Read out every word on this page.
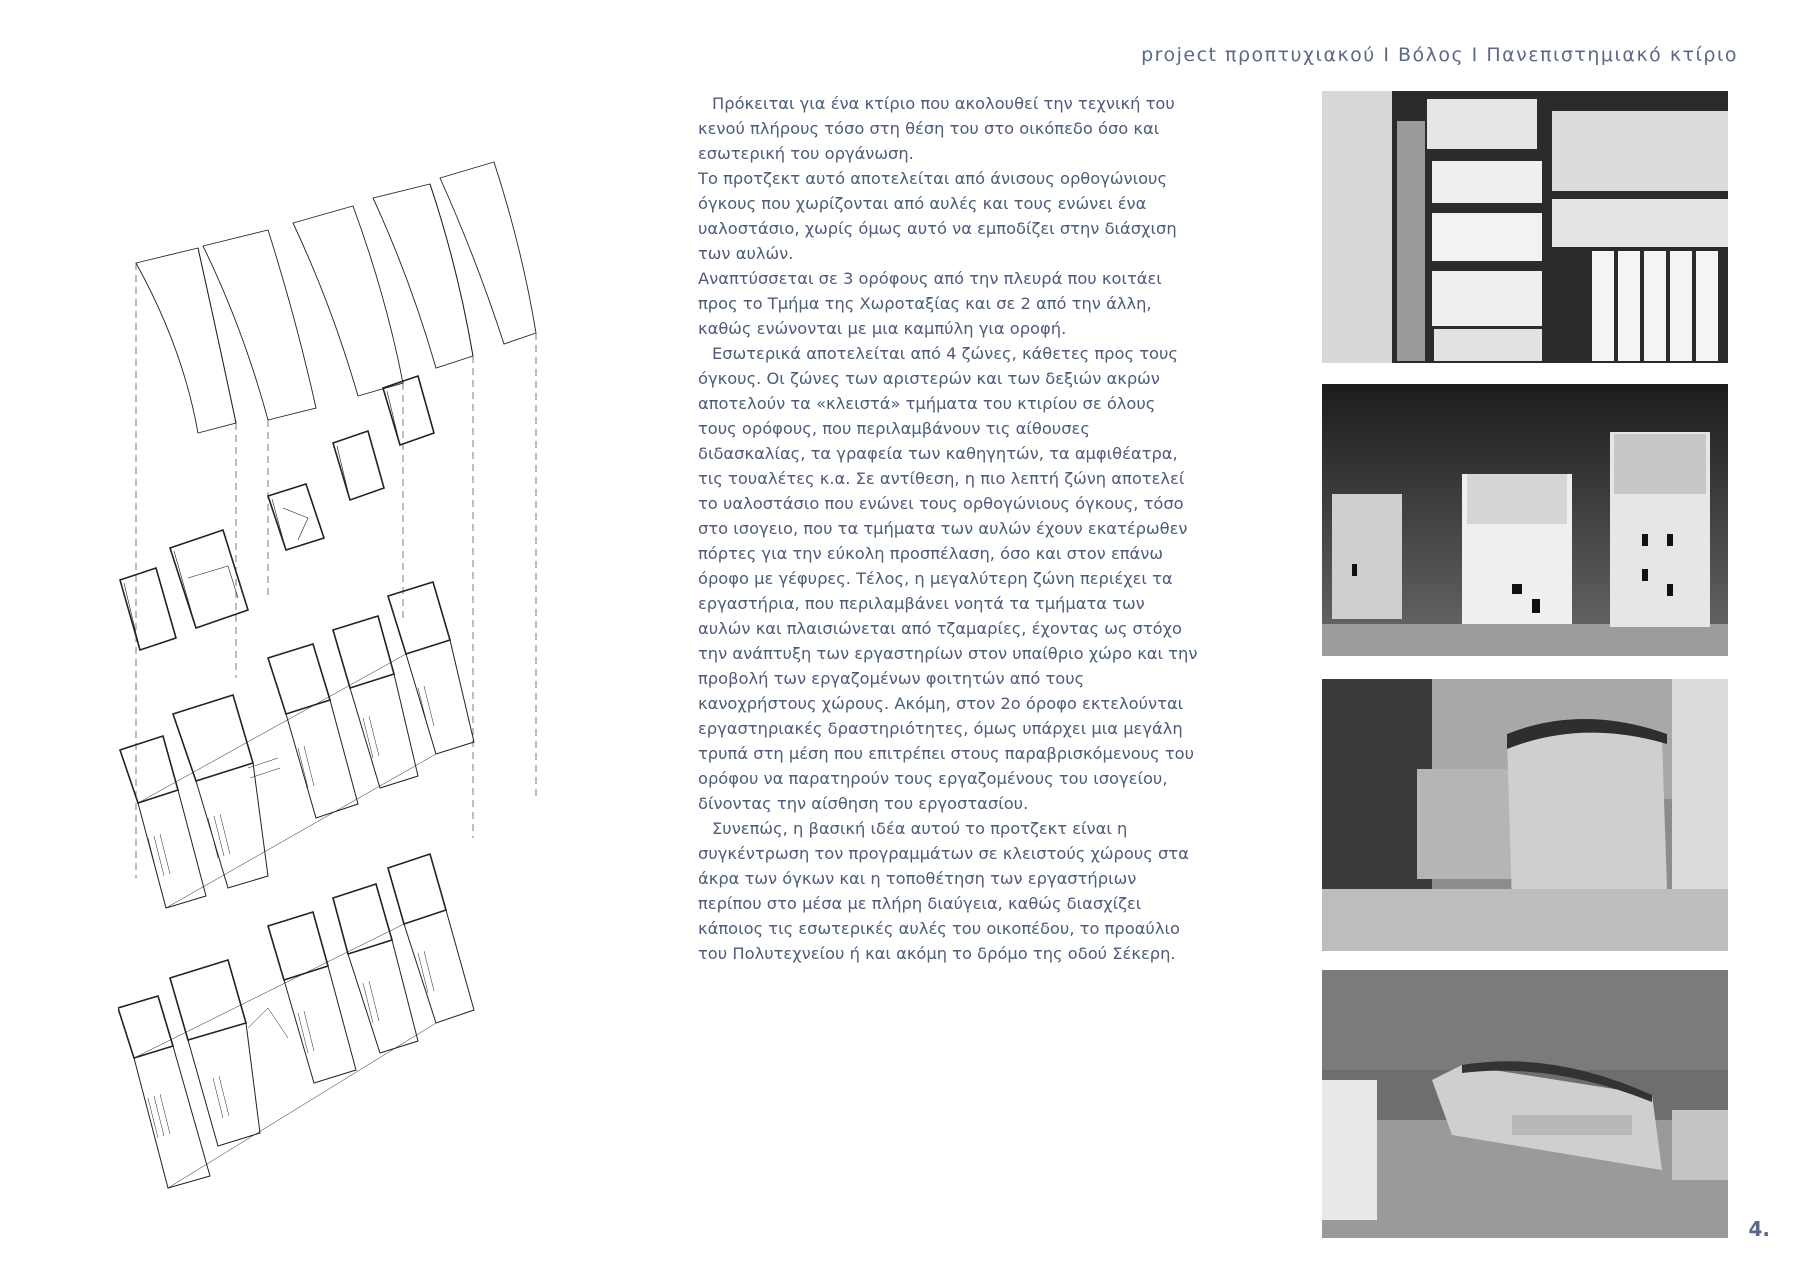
project προπτυχιακού Ι Βόλος Ι Πανεπιστημιακό κτίριο

Πρόκειται για ένα κτίριο που ακολουθεί την τεχνική του κενού πλήρους τόσο στη θέση του στο οικόπεδο όσο και εσωτερική του οργάνωση.

Το προτζεκτ αυτό αποτελείται από άνισους ορθογώνιους όγκους που χωρίζονται από αυλές και τους ενώνει ένα υαλοστάσιο, χωρίς όμως αυτό να εμποδίζει στην διάσχιση των αυλών.

Αναπτύσσεται σε 3 ορόφους από την πλευρά που κοιτάει προς το Τμήμα της Χωροταξίας και σε 2 από την άλλη, καθώς ενώνονται με μια καμπύλη για οροφή.

Εσωτερικά αποτελείται από 4 ζώνες, κάθετες προς τους όγκους. Οι ζώνες των αριστερών και των δεξιών ακρών αποτελούν τα «κλειστά» τμήματα του κτιρίου σε όλους τους ορόφους, που περιλαμβάνουν τις αίθουσες διδασκαλίας, τα γραφεία των καθηγητών, τα αμφιθέατρα, τις τουαλέτες κ.α. Σε αντίθεση, η πιο λεπτή ζώνη αποτελεί το υαλοστάσιο που ενώνει τους ορθογώνιους όγκους, τόσο στο ισογειο, που τα τμήματα των αυλών έχουν εκατέρωθεν πόρτες για την εύκολη προσπέλαση, όσο και στον επάνω όροφο με γέφυρες. Τέλος, η μεγαλύτερη ζώνη περιέχει τα εργαστήρια, που περιλαμβάνει νοητά τα τμήματα των αυλών και πλαισιώνεται από τζαμαρίες, έχοντας ως στόχο την ανάπτυξη των εργαστηρίων στον υπαίθριο χώρο και την προβολή των εργαζομένων φοιτητών από τους κανοχρήστους χώρους. Ακόμη, στον 2ο όροφο εκτελούνται εργαστηριακές δραστηριότητες, όμως υπάρχει μια μεγάλη τρυπά στη μέση που επιτρέπει στους παραβρισκόμενους του ορόφου να παρατηρούν τους εργαζομένους του ισογείου, δίνοντας την αίσθηση του εργοστασίου.

Συνεπώς, η βασική ιδέα αυτού το προτζεκτ είναι η συγκέντρωση τον προγραμμάτων σε κλειστούς χώρους στα άκρα των όγκων και η τοποθέτηση των εργαστήριων περίπου στο μέσα με πλήρη διαύγεια, καθώς διασχίζει κάποιος τις εσωτερικές αυλές του οικοπέδου, το προαύλιο του Πολυτεχνείου ή και ακόμη το δρόμο της οδού Σέκερη.

4.
